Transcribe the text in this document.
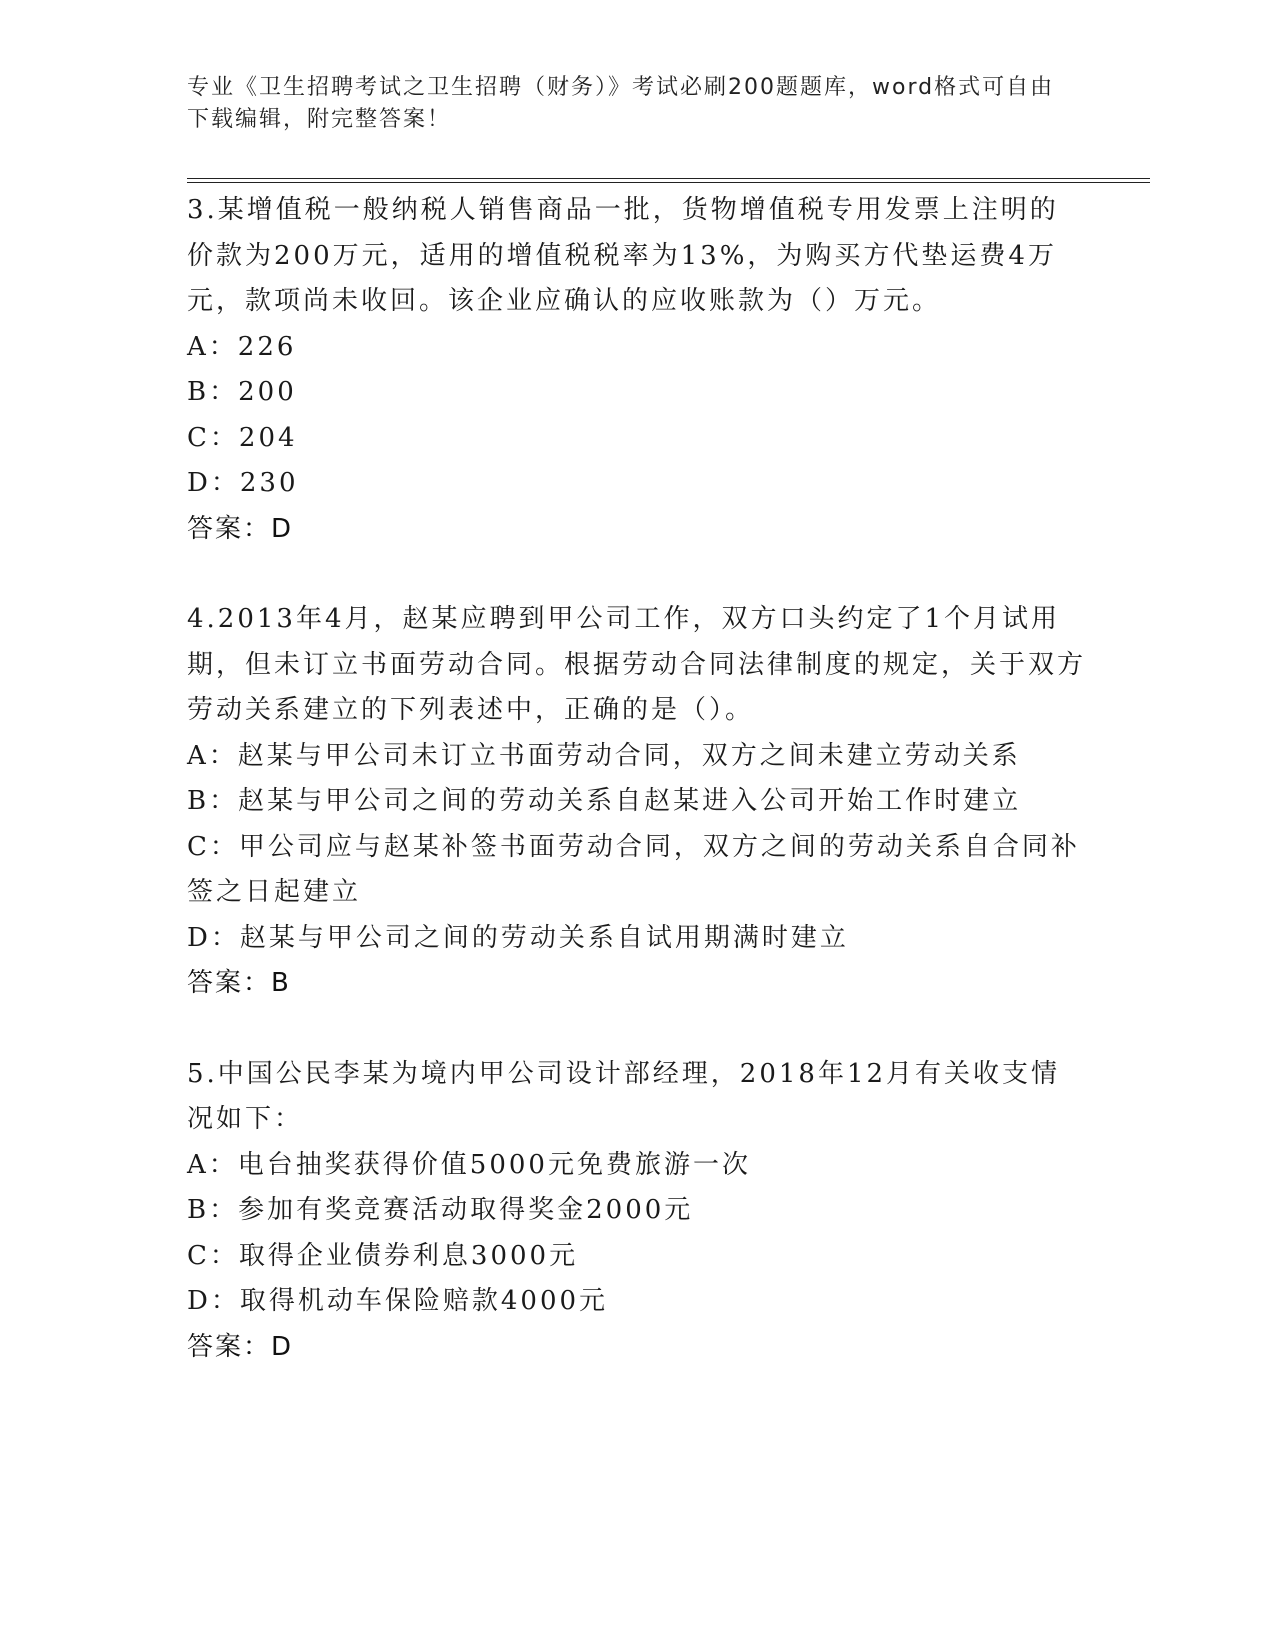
专业《卫生招聘考试之卫生招聘（财务）》考试必刷200题题库，word格式可自由下载编辑，附完整答案！

3.某增值税一般纳税人销售商品一批，货物增值税专用发票上注明的价款为200万元，适用的增值税税率为13%，为购买方代垫运费4万元，款项尚未收回。该企业应确认的应收账款为（）万元。

A：226

B：200

C：204

D：230

答案：D

4.2013年4月，赵某应聘到甲公司工作，双方口头约定了1个月试用期，但未订立书面劳动合同。根据劳动合同法律制度的规定，关于双方劳动关系建立的下列表述中，正确的是（）。

A：赵某与甲公司未订立书面劳动合同，双方之间未建立劳动关系

B：赵某与甲公司之间的劳动关系自赵某进入公司开始工作时建立

C：甲公司应与赵某补签书面劳动合同，双方之间的劳动关系自合同补签之日起建立

D：赵某与甲公司之间的劳动关系自试用期满时建立

答案：B

5.中国公民李某为境内甲公司设计部经理，2018年12月有关收支情况如下：

A：电台抽奖获得价值5000元免费旅游一次

B：参加有奖竞赛活动取得奖金2000元

C：取得企业债券利息3000元

D：取得机动车保险赔款4000元

答案：D
